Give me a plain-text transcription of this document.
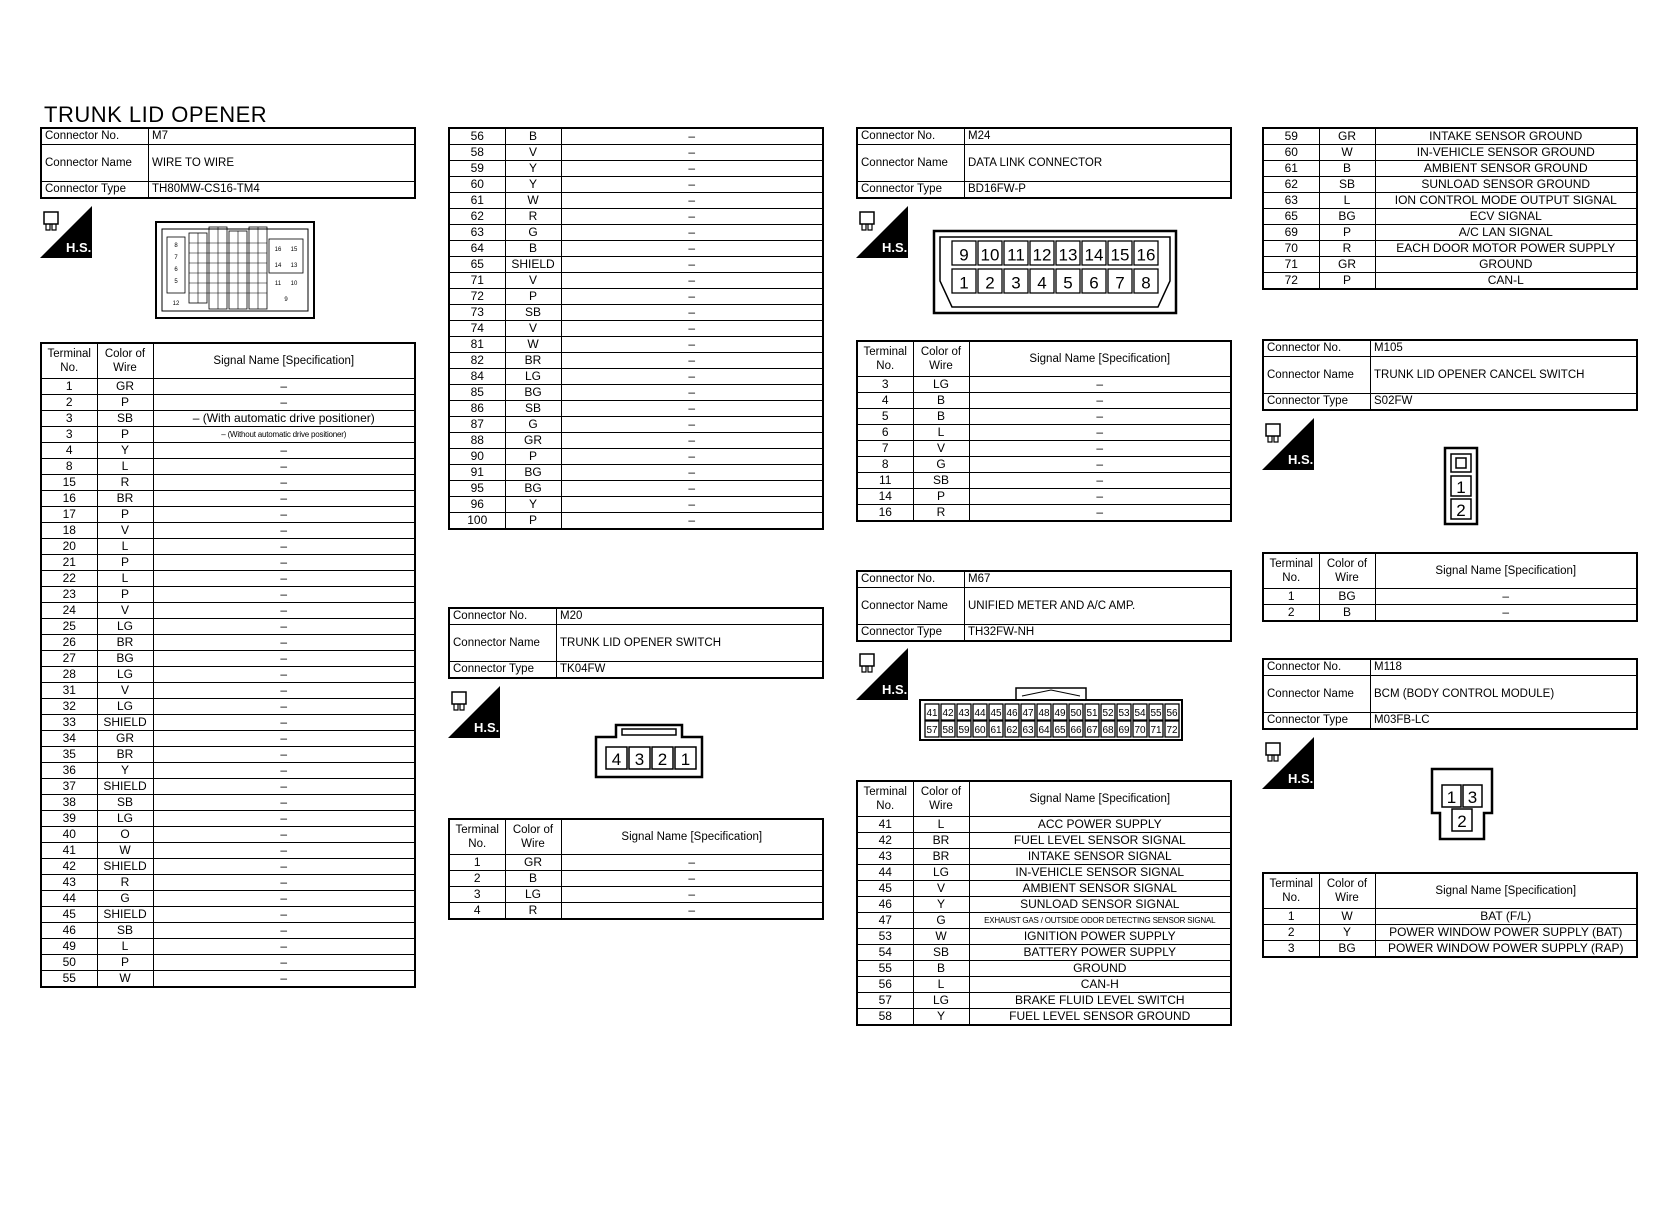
TRUNK LID OPENER
Connector No.	M7
Connector Name	WIRE TO WIRE
Connector Type	TH80MW-CS16-TM4
H.S.	8
7
6
5
16 15
14 13
12
11 10
9
Terminal No.	Color of Wire	Signal Name [Specification]
1	GR	–
2	P	–
3	SB	– (With automatic drive positioner)
3	P	– (Without automatic drive positioner)
4	Y	–
8	L	–
15	R	–
16	BR	–
17	P	–
18	V	–
20	L	–
21	P	–
22	L	–
23	P	–
24	V	–
25	LG	–
26	BR	–
27	BG	–
28	LG	–
31	V	–
32	LG	–
33	SHIELD	–
34	GR	–
35	BR	–
36	Y	–
37	SHIELD	–
38	SB	–
39	LG	–
40	O	–
41	W	–
42	SHIELD	–
43	R	–
44	G	–
45	SHIELD	–
46	SB	–
49	L	–
50	P	–
55	W	–
56	B	–
58	V	–
59	Y	–
60	Y	–
61	W	–
62	R	–
63	G	–
64	B	–
65	SHIELD	–
71	V	–
72	P	–
73	SB	–
74	V	–
81	W	–
82	BR	–
84	LG	–
85	BG	–
86	SB	–
87	G	–
88	GR	–
90	P	–
91	BG	–
95	BG	–
96	Y	–
100	P	–
Connector No.	M20
Connector Name	TRUNK LID OPENER SWITCH
Connector Type	TK04FW
H.S.
4 3 2 1
Terminal No.	Color of Wire	Signal Name [Specification]
1	GR	–
2	B	–
3	LG	–
4	R	–
Connector No.	M24
Connector Name	DATA LINK CONNECTOR
Connector Type	BD16FW-P
H.S.	9 10 11 12 13 14 15 16
1 2 3 4 5 6 7 8
Terminal No.	Color of Wire	Signal Name [Specification]
3	LG	–
4	B	–
5	B	–
6	L	–
7	V	–
8	G	–
11	SB	–
14	P	–
16	R	–
Connector No.	M67
Connector Name	UNIFIED METER AND A/C AMP.
Connector Type	TH32FW-NH
H.S.
41 42 43 44 45 46 47 48 49 50 51 52 53 54 55 56
57 58 59 60 61 62 63 64 65 66 67 68 69 70 71 72
Terminal No.	Color of Wire	Signal Name [Specification]
41	L	ACC POWER SUPPLY
42	BR	FUEL LEVEL SENSOR SIGNAL
43	BR	INTAKE SENSOR SIGNAL
44	LG	IN-VEHICLE SENSOR SIGNAL
45	V	AMBIENT SENSOR SIGNAL
46	Y	SUNLOAD SENSOR SIGNAL
47	G	EXHAUST GAS / OUTSIDE ODOR DETECTING SENSOR SIGNAL
53	W	IGNITION POWER SUPPLY
54	SB	BATTERY POWER SUPPLY
55	B	GROUND
56	L	CAN-H
57	LG	BRAKE FLUID LEVEL SWITCH
58	Y	FUEL LEVEL SENSOR GROUND
59	GR	INTAKE SENSOR GROUND
60	W	IN-VEHICLE SENSOR GROUND
61	B	AMBIENT SENSOR GROUND
62	SB	SUNLOAD SENSOR GROUND
63	L	ION CONTROL MODE OUTPUT SIGNAL
65	BG	ECV SIGNAL
69	P	A/C LAN SIGNAL
70	R	EACH DOOR MOTOR POWER SUPPLY
71	GR	GROUND
72	P	CAN-L
Connector No.	M105
Connector Name	TRUNK LID OPENER CANCEL SWITCH
Connector Type	S02FW
H.S.
1
2
Terminal No.	Color of Wire	Signal Name [Specification]
1	BG	–
2	B	–
Connector No.	M118
Connector Name	BCM (BODY CONTROL MODULE)
Connector Type	M03FB-LC
H.S.
1 3
2
Terminal No.	Color of Wire	Signal Name [Specification]
1	W	BAT (F/L)
2	Y	POWER WINDOW POWER SUPPLY (BAT)
3	BG	POWER WINDOW POWER SUPPLY (RAP)
